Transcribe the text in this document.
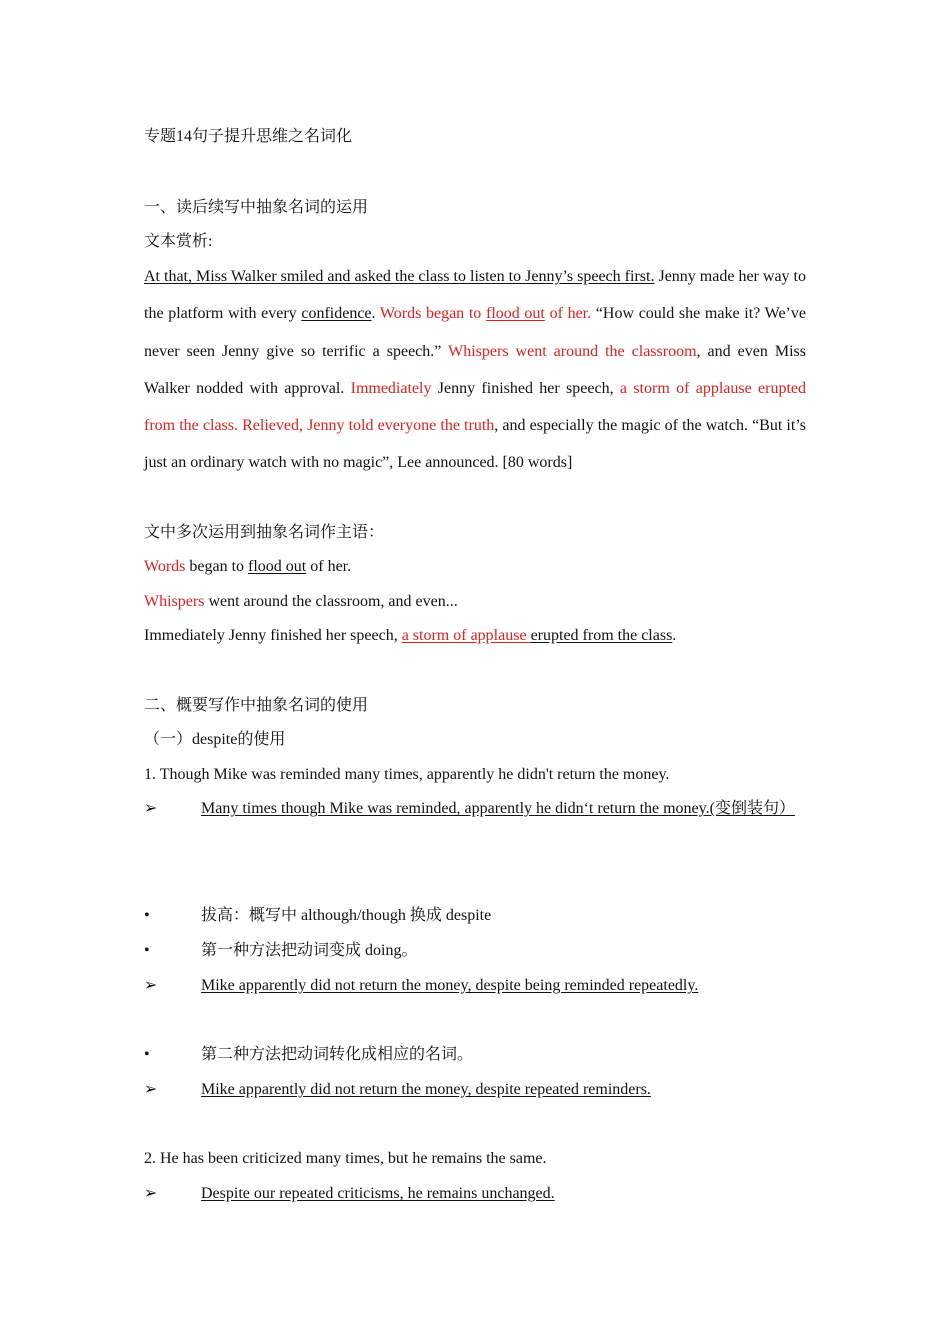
专题14句子提升思维之名词化
一、读后续写中抽象名词的运用
文本赏析:
At that, Miss Walker smiled and asked the class to listen to Jenny’s speech first. Jenny made her way to the platform with every confidence. Words began to flood out of her. “How could she make it? We’ve never seen Jenny give so terrific a speech.” Whispers went around the classroom, and even Miss Walker nodded with approval. Immediately Jenny finished her speech, a storm of applause erupted from the class. Relieved, Jenny told everyone the truth, and especially the magic of the watch. “But it’s just an ordinary watch with no magic”, Lee announced. [80 words]
文中多次运用到抽象名词作主语：
Words began to flood out of her.
Whispers went around the classroom, and even...
Immediately Jenny finished her speech, a storm of applause erupted from the class.
二、概要写作中抽象名词的使用
（一）despite的使用
1. Though Mike was reminded many times, apparently he didn't return the money.
➢	Many times though Mike was reminded, apparently he didn‘t return the money.(变倒装句）
•	拔高：概写中 although/though 换成 despite
•	第一种方法把动词变成 doing。
➢	Mike apparently did not return the money, despite being reminded repeatedly.
•	第二种方法把动词转化成相应的名词。
➢	Mike apparently did not return the money, despite repeated reminders.
2. He has been criticized many times, but he remains the same.
➢	Despite our repeated criticisms, he remains unchanged.
